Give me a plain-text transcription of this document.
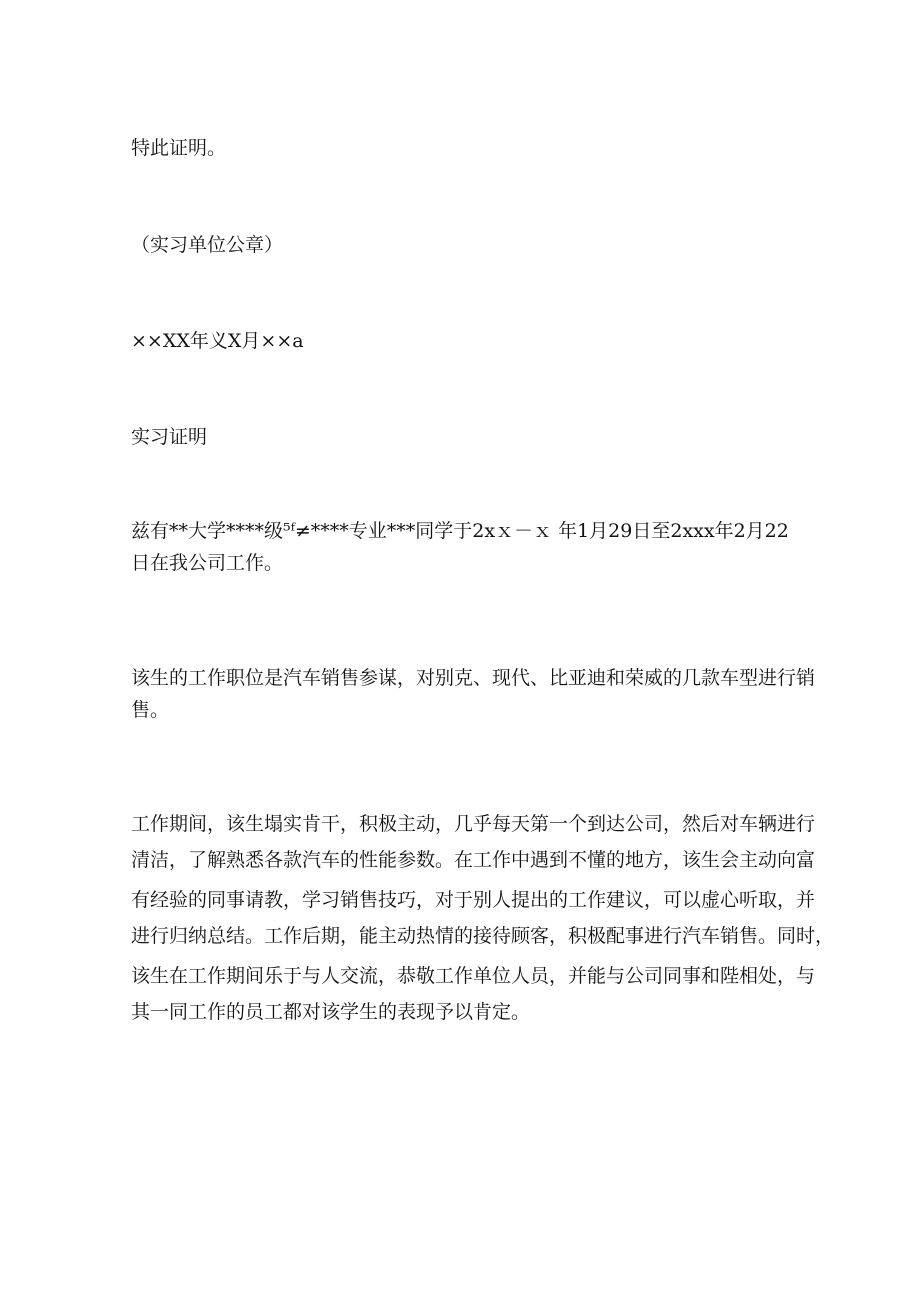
特此证明。

（实习单位公章）

××XX年义X月××a

实习证明

兹有**大学****级⁵ᶠ≠****专业***同学于2xｘ－ｘ 年1月29日至2xxx年2月22
日在我公司工作。
该生的工作职位是汽车销售参谋，对别克、现代、比亚迪和荣威的几款车型进行销
售。
工作期间，该生塌实肯干，积极主动，几乎每天第一个到达公司，然后对车辆进行
清洁，了解熟悉各款汽车的性能参数。在工作中遇到不懂的地方，该生会主动向富
有经验的同事请教，学习销售技巧，对于别人提出的工作建议，可以虚心听取，并
进行归纳总结。工作后期，能主动热情的接待顾客，积极配事进行汽车销售。同时，
该生在工作期间乐于与人交流，恭敬工作单位人员，并能与公司同事和陛相处，与
其一同工作的员工都对该学生的表现予以肯定。
